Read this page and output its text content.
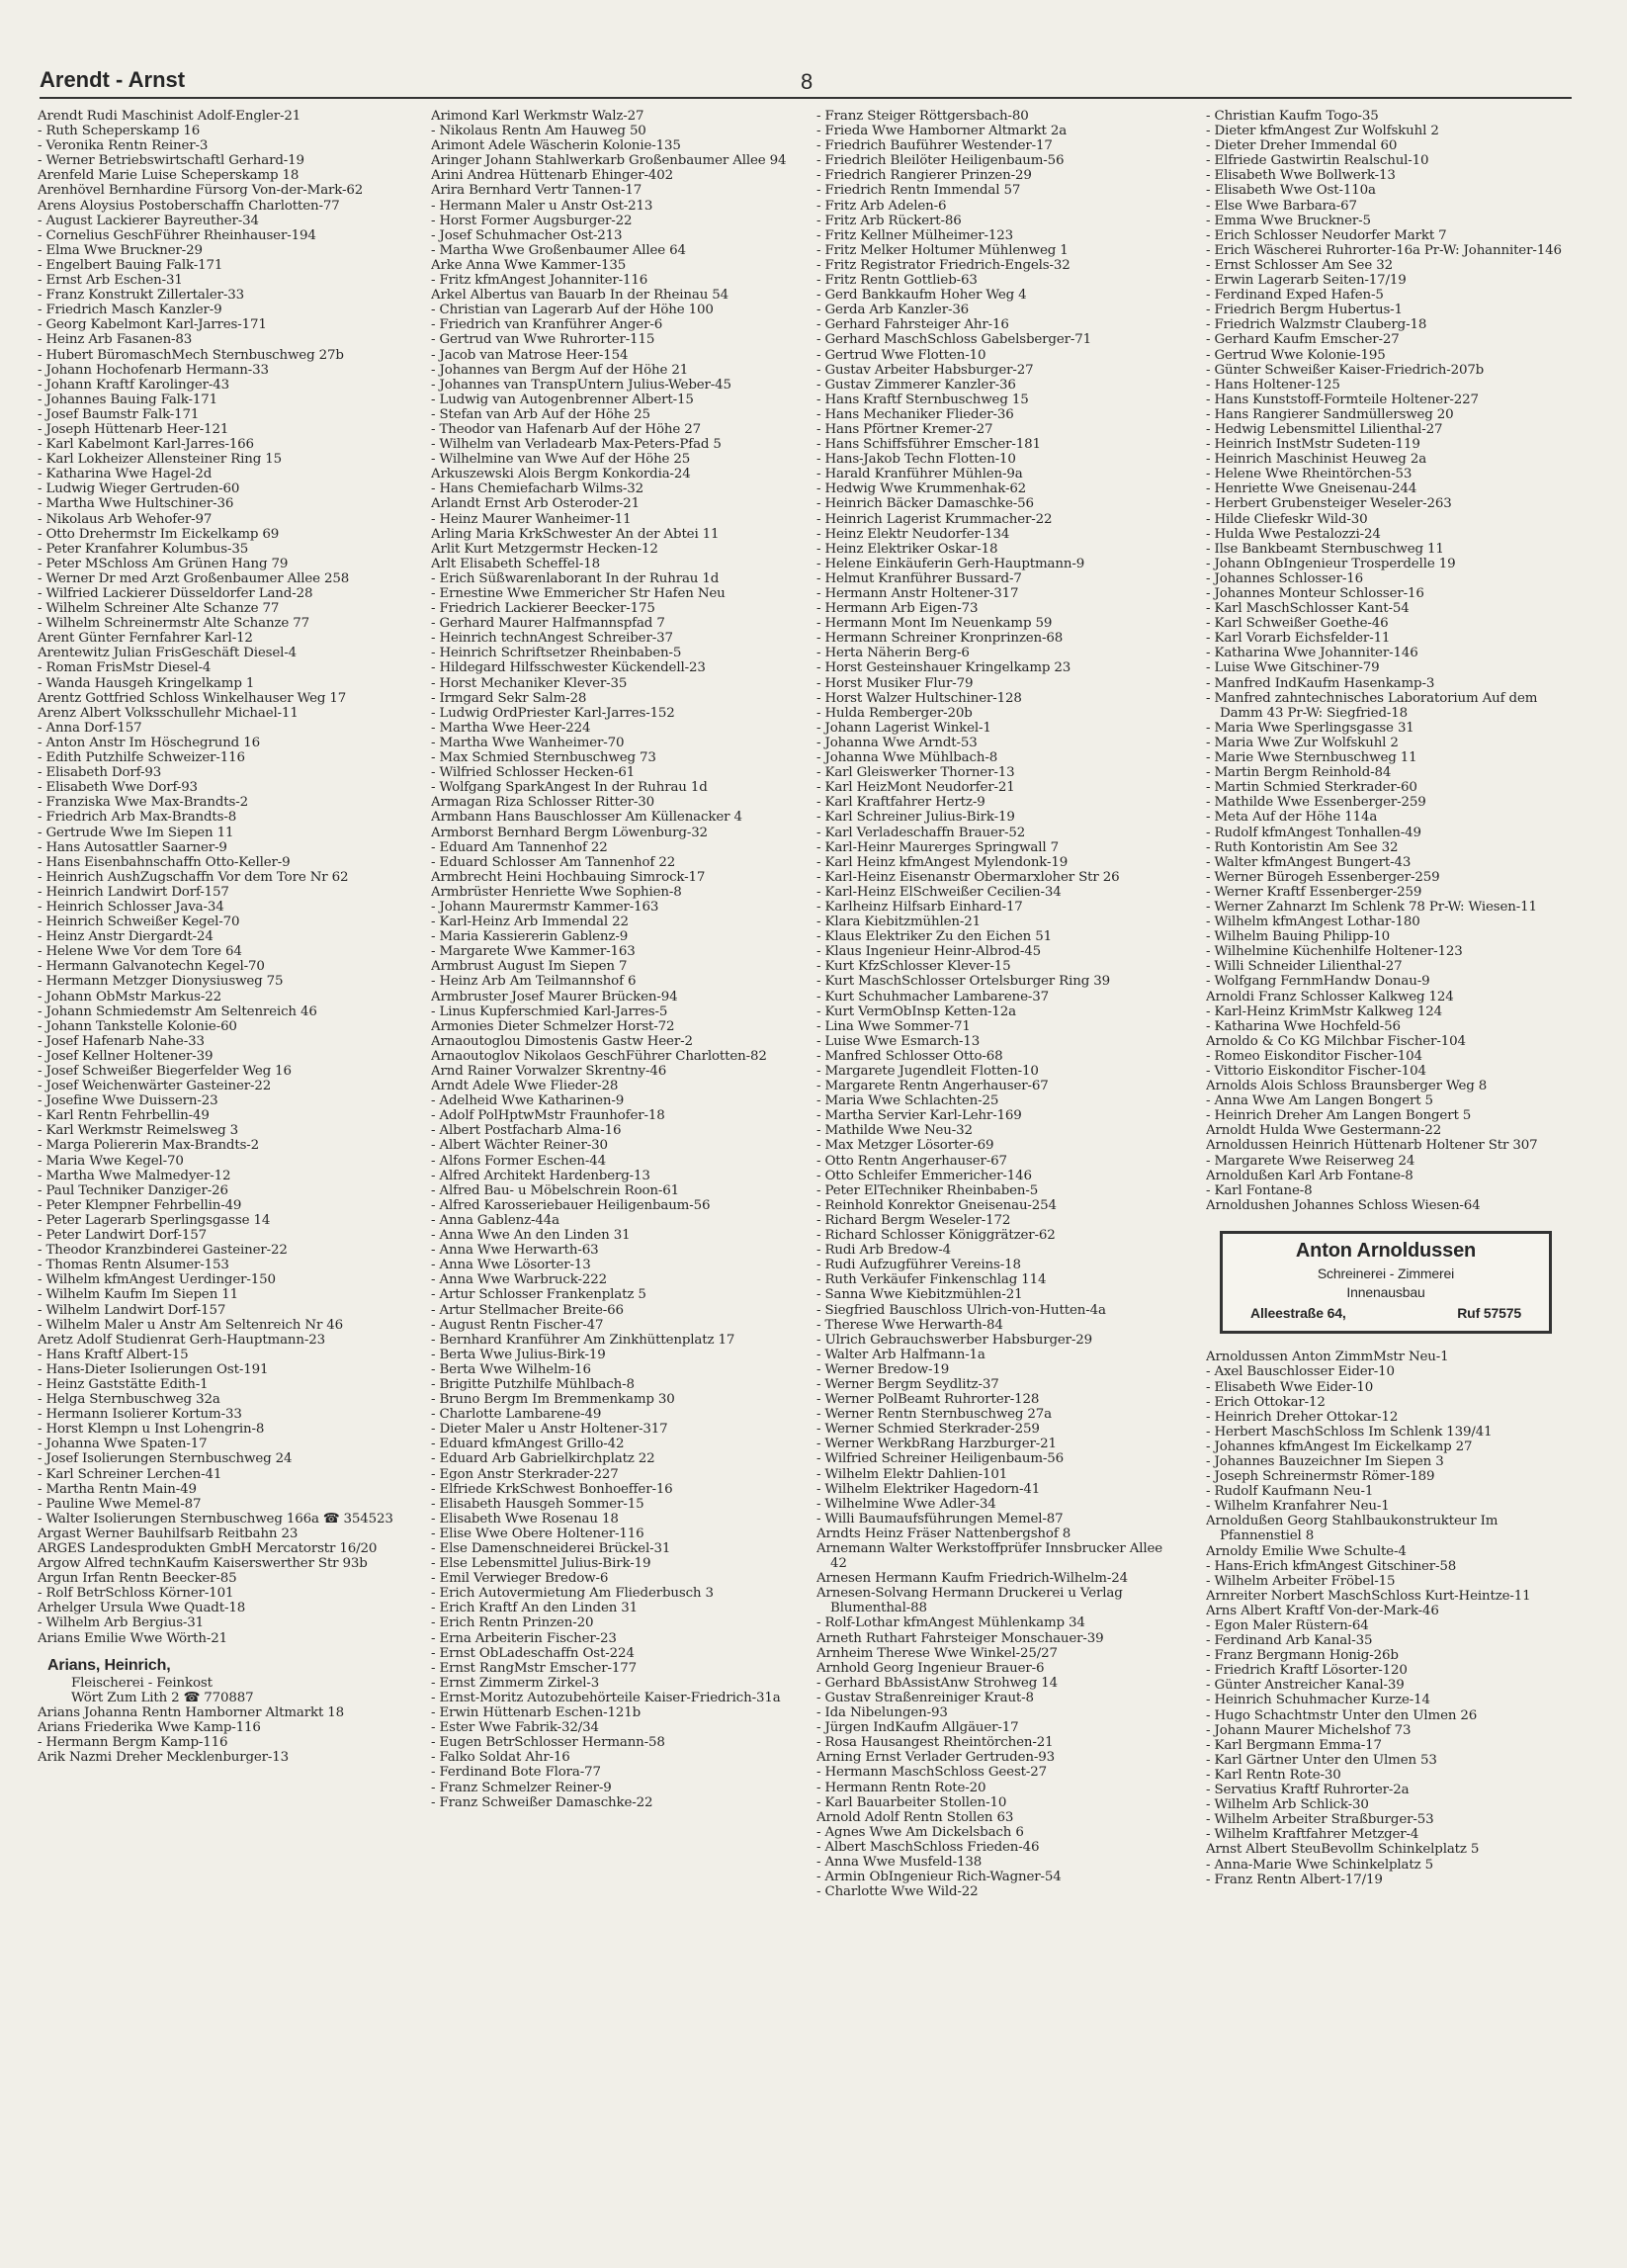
Arendt - Arnst	8

Arendt Rudi Maschinist Adolf-Engler-21

- Ruth Scheperskamp 16

- Veronika Rentn Reiner-3

- Werner Betriebswirtschaftl Gerhard-19

Arenfeld Marie Luise Scheperskamp 18

Arenhövel Bernhardine Fürsorg Von-der-Mark-62

Arens Aloysius Postoberschaffn Charlotten-77

- August Lackierer Bayreuther-34

- Cornelius GeschFührer Rheinhauser-194

- Elma Wwe Bruckner-29

- Engelbert Bauing Falk-171

- Ernst Arb Eschen-31

- Franz Konstrukt Zillertaler-33

- Friedrich Masch Kanzler-9

- Georg Kabelmont Karl-Jarres-171

- Heinz Arb Fasanen-83

- Hubert BüromaschMech Sternbuschweg 27b

- Johann Hochofenarb Hermann-33

- Johann Kraftf Karolinger-43

- Johannes Bauing Falk-171

- Josef Baumstr Falk-171

- Joseph Hüttenarb Heer-121

- Karl Kabelmont Karl-Jarres-166

- Karl Lokheizer Allensteiner Ring 15

- Katharina Wwe Hagel-2d

- Ludwig Wieger Gertruden-60

- Martha Wwe Hultschiner-36

- Nikolaus Arb Wehofer-97

- Otto Drehermstr Im Eickelkamp 69

- Peter Kranfahrer Kolumbus-35

- Peter MSchloss Am Grünen Hang 79

- Werner Dr med Arzt Großenbaumer Allee 258

- Wilfried Lackierer Düsseldorfer Land-28

- Wilhelm Schreiner Alte Schanze 77

- Wilhelm Schreinermstr Alte Schanze 77

Arent Günter Fernfahrer Karl-12

Arentewitz Julian FrisGeschäft Diesel-4

- Roman FrisMstr Diesel-4

- Wanda Hausgeh Kringelkamp 1

Arentz Gottfried Schloss Winkelhauser Weg 17

Arenz Albert Volksschullehr Michael-11

- Anna Dorf-157

- Anton Anstr Im Höschegrund 16

- Edith Putzhilfe Schweizer-116

- Elisabeth Dorf-93

- Elisabeth Wwe Dorf-93

- Franziska Wwe Max-Brandts-2

- Friedrich Arb Max-Brandts-8

- Gertrude Wwe Im Siepen 11

- Hans Autosattler Saarner-9

- Hans Eisenbahnschaffn Otto-Keller-9

- Heinrich AushZugschaffn Vor dem Tore Nr 62

- Heinrich Landwirt Dorf-157

- Heinrich Schlosser Java-34

- Heinrich Schweißer Kegel-70

- Heinz Anstr Diergardt-24

- Helene Wwe Vor dem Tore 64

- Hermann Galvanotechn Kegel-70

- Hermann Metzger Dionysiusweg 75

- Johann ObMstr Markus-22

- Johann Schmiedemstr Am Seltenreich 46

- Johann Tankstelle Kolonie-60

- Josef Hafenarb Nahe-33

- Josef Kellner Holtener-39

- Josef Schweißer Biegerfelder Weg 16

- Josef Weichenwärter Gasteiner-22

- Josefine Wwe Duissern-23

- Karl Rentn Fehrbellin-49

- Karl Werkmstr Reimelsweg 3

- Marga Poliererin Max-Brandts-2

- Maria Wwe Kegel-70

- Martha Wwe Malmedyer-12

- Paul Techniker Danziger-26

- Peter Klempner Fehrbellin-49

- Peter Lagerarb Sperlingsgasse 14

- Peter Landwirt Dorf-157

- Theodor Kranzbinderei Gasteiner-22

- Thomas Rentn Alsumer-153

- Wilhelm kfmAngest Uerdinger-150

- Wilhelm Kaufm Im Siepen 11

- Wilhelm Landwirt Dorf-157

- Wilhelm Maler u Anstr Am Seltenreich Nr 46

Aretz Adolf Studienrat Gerh-Hauptmann-23

- Hans Kraftf Albert-15

- Hans-Dieter Isolierungen Ost-191

- Heinz Gaststätte Edith-1

- Helga Sternbuschweg 32a

- Hermann Isolierer Kortum-33

- Horst Klempn u Inst Lohengrin-8

- Johanna Wwe Spaten-17

- Josef Isolierungen Sternbuschweg 24

- Karl Schreiner Lerchen-41

- Martha Rentn Main-49

- Pauline Wwe Memel-87

- Walter Isolierungen Sternbuschweg 166a ☎ 354523

Argast Werner Bauhilfsarb Reitbahn 23

ARGES Landesprodukten GmbH Mercatorstr 16/20

Argow Alfred technKaufm Kaiserswerther Str 93b

Argun Irfan Rentn Beecker-85

- Rolf BetrSchloss Körner-101

Arhelger Ursula Wwe Quadt-18

- Wilhelm Arb Bergius-31

Arians Emilie Wwe Wörth-21

Arians, Heinrich,

Fleischerei - Feinkost

Wört Zum Lith 2 ☎ 770887

Arians Johanna Rentn Hamborner Altmarkt 18

Arians Friederika Wwe Kamp-116

- Hermann Bergm Kamp-116

Arik Nazmi Dreher Mecklenburger-13

Arimond Karl Werkmstr Walz-27

- Nikolaus Rentn Am Hauweg 50

Arimont Adele Wäscherin Kolonie-135

Aringer Johann Stahlwerkarb Großenbaumer Allee 94

Arini Andrea Hüttenarb Ehinger-402

Arira Bernhard Vertr Tannen-17

- Hermann Maler u Anstr Ost-213

- Horst Former Augsburger-22

- Josef Schuhmacher Ost-213

- Martha Wwe Großenbaumer Allee 64

Arke Anna Wwe Kammer-135

- Fritz kfmAngest Johanniter-116

Arkel Albertus van Bauarb In der Rheinau 54

- Christian van Lagerarb Auf der Höhe 100

- Friedrich van Kranführer Anger-6

- Gertrud van Wwe Ruhrorter-115

- Jacob van Matrose Heer-154

- Johannes van Bergm Auf der Höhe 21

- Johannes van TranspUntern Julius-Weber-45

- Ludwig van Autogenbrenner Albert-15

- Stefan van Arb Auf der Höhe 25

- Theodor van Hafenarb Auf der Höhe 27

- Wilhelm van Verladearb Max-Peters-Pfad 5

- Wilhelmine van Wwe Auf der Höhe 25

Arkuszewski Alois Bergm Konkordia-24

- Hans Chemiefacharb Wilms-32

Arlandt Ernst Arb Osteroder-21

- Heinz Maurer Wanheimer-11

Arling Maria KrkSchwester An der Abtei 11

Arlit Kurt Metzgermstr Hecken-12

Arlt Elisabeth Scheffel-18

- Erich Süßwarenlaborant In der Ruhrau 1d

- Ernestine Wwe Emmericher Str Hafen Neu

- Friedrich Lackierer Beecker-175

- Gerhard Maurer Halfmannspfad 7

- Heinrich technAngest Schreiber-37

- Heinrich Schriftsetzer Rheinbaben-5

- Hildegard Hilfsschwester Kückendell-23

- Horst Mechaniker Klever-35

- Irmgard Sekr Salm-28

- Ludwig OrdPriester Karl-Jarres-152

- Martha Wwe Heer-224

- Martha Wwe Wanheimer-70

- Max Schmied Sternbuschweg 73

- Wilfried Schlosser Hecken-61

- Wolfgang SparkAngest In der Ruhrau 1d

Armagan Riza Schlosser Ritter-30

Armbann Hans Bauschlosser Am Küllenacker 4

Armborst Bernhard Bergm Löwenburg-32

- Eduard Am Tannenhof 22

- Eduard Schlosser Am Tannenhof 22

Armbrecht Heini Hochbauing Simrock-17

Armbrüster Henriette Wwe Sophien-8

- Johann Maurermstr Kammer-163

- Karl-Heinz Arb Immendal 22

- Maria Kassiererin Gablenz-9

- Margarete Wwe Kammer-163

Armbrust August Im Siepen 7

- Heinz Arb Am Teilmannshof 6

Armbruster Josef Maurer Brücken-94

- Linus Kupferschmied Karl-Jarres-5

Armonies Dieter Schmelzer Horst-72

Arnaoutoglou Dimostenis Gastw Heer-2

Arnaoutoglov Nikolaos GeschFührer Charlotten-82

Arnd Rainer Vorwalzer Skrentny-46

Arndt Adele Wwe Flieder-28

- Adelheid Wwe Katharinen-9

- Adolf PolHptwMstr Fraunhofer-18

- Albert Postfacharb Alma-16

- Albert Wächter Reiner-30

- Alfons Former Eschen-44

- Alfred Architekt Hardenberg-13

- Alfred Bau- u Möbelschrein Roon-61

- Alfred Karosseriebauer Heiligenbaum-56

- Anna Gablenz-44a

- Anna Wwe An den Linden 31

- Anna Wwe Herwarth-63

- Anna Wwe Lösorter-13

- Anna Wwe Warbruck-222

- Artur Schlosser Frankenplatz 5

- Artur Stellmacher Breite-66

- August Rentn Fischer-47

- Bernhard Kranführer Am Zinkhüttenplatz 17

- Berta Wwe Julius-Birk-19

- Berta Wwe Wilhelm-16

- Brigitte Putzhilfe Mühlbach-8

- Bruno Bergm Im Bremmenkamp 30

- Charlotte Lambarene-49

- Dieter Maler u Anstr Holtener-317

- Eduard kfmAngest Grillo-42

- Eduard Arb Gabrielkirchplatz 22

- Egon Anstr Sterkrader-227

- Elfriede KrkSchwest Bonhoeffer-16

- Elisabeth Hausgeh Sommer-15

- Elisabeth Wwe Rosenau 18

- Elise Wwe Obere Holtener-116

- Else Damenschneiderei Brückel-31

- Else Lebensmittel Julius-Birk-19

- Emil Verwieger Bredow-6

- Erich Autovermietung Am Fliederbusch 3

- Erich Kraftf An den Linden 31

- Erich Rentn Prinzen-20

- Erna Arbeiterin Fischer-23

- Ernst ObLadeschaffn Ost-224

- Ernst RangMstr Emscher-177

- Ernst Zimmerm Zirkel-3

- Ernst-Moritz Autozubehörteile Kaiser-Friedrich-31a

- Erwin Hüttenarb Eschen-121b

- Ester Wwe Fabrik-32/34

- Eugen BetrSchlosser Hermann-58

- Falko Soldat Ahr-16

- Ferdinand Bote Flora-77

- Franz Schmelzer Reiner-9

- Franz Schweißer Damaschke-22

- Franz Steiger Röttgersbach-80

- Frieda Wwe Hamborner Altmarkt 2a

- Friedrich Bauführer Westender-17

- Friedrich Bleilöter Heiligenbaum-56

- Friedrich Rangierer Prinzen-29

- Friedrich Rentn Immendal 57

- Fritz Arb Adelen-6

- Fritz Arb Rückert-86

- Fritz Kellner Mülheimer-123

- Fritz Melker Holtumer Mühlenweg 1

- Fritz Registrator Friedrich-Engels-32

- Fritz Rentn Gottlieb-63

- Gerd Bankkaufm Hoher Weg 4

- Gerda Arb Kanzler-36

- Gerhard Fahrsteiger Ahr-16

- Gerhard MaschSchloss Gabelsberger-71

- Gertrud Wwe Flotten-10

- Gustav Arbeiter Habsburger-27

- Gustav Zimmerer Kanzler-36

- Hans Kraftf Sternbuschweg 15

- Hans Mechaniker Flieder-36

- Hans Pförtner Kremer-27

- Hans Schiffsführer Emscher-181

- Hans-Jakob Techn Flotten-10

- Harald Kranführer Mühlen-9a

- Hedwig Wwe Krummenhak-62

- Heinrich Bäcker Damaschke-56

- Heinrich Lagerist Krummacher-22

- Heinz Elektr Neudorfer-134

- Heinz Elektriker Oskar-18

- Helene Einkäuferin Gerh-Hauptmann-9

- Helmut Kranführer Bussard-7

- Hermann Anstr Holtener-317

- Hermann Arb Eigen-73

- Hermann Mont Im Neuenkamp 59

- Hermann Schreiner Kronprinzen-68

- Herta Näherin Berg-6

- Horst Gesteinshauer Kringelkamp 23

- Horst Musiker Flur-79

- Horst Walzer Hultschiner-128

- Hulda Remberger-20b

- Johann Lagerist Winkel-1

- Johanna Wwe Arndt-53

- Johanna Wwe Mühlbach-8

- Karl Gleiswerker Thorner-13

- Karl HeizMont Neudorfer-21

- Karl Kraftfahrer Hertz-9

- Karl Schreiner Julius-Birk-19

- Karl Verladeschaffn Brauer-52

- Karl-Heinr Maurerges Springwall 7

- Karl Heinz kfmAngest Mylendonk-19

- Karl-Heinz Eisenanstr Obermarxloher Str 26

- Karl-Heinz ElSchweißer Cecilien-34

- Karlheinz Hilfsarb Einhard-17

- Klara Kiebitzmühlen-21

- Klaus Elektriker Zu den Eichen 51

- Klaus Ingenieur Heinr-Albrod-45

- Kurt KfzSchlosser Klever-15

- Kurt MaschSchlosser Ortelsburger Ring 39

- Kurt Schuhmacher Lambarene-37

- Kurt VermObInsp Ketten-12a

- Lina Wwe Sommer-71

- Luise Wwe Esmarch-13

- Manfred Schlosser Otto-68

- Margarete Jugendleit Flotten-10

- Margarete Rentn Angerhauser-67

- Maria Wwe Schlachten-25

- Martha Servier Karl-Lehr-169

- Mathilde Wwe Neu-32

- Max Metzger Lösorter-69

- Otto Rentn Angerhauser-67

- Otto Schleifer Emmericher-146

- Peter ElTechniker Rheinbaben-5

- Reinhold Konrektor Gneisenau-254

- Richard Bergm Weseler-172

- Richard Schlosser Königgrätzer-62

- Rudi Arb Bredow-4

- Rudi Aufzugführer Vereins-18

- Ruth Verkäufer Finkenschlag 114

- Sanna Wwe Kiebitzmühlen-21

- Siegfried Bauschloss Ulrich-von-Hutten-4a

- Therese Wwe Herwarth-84

- Ulrich Gebrauchswerber Habsburger-29

- Walter Arb Halfmann-1a

- Werner Bredow-19

- Werner Bergm Seydlitz-37

- Werner PolBeamt Ruhrorter-128

- Werner Rentn Sternbuschweg 27a

- Werner Schmied Sterkrader-259

- Werner WerkbRang Harzburger-21

- Wilfried Schreiner Heiligenbaum-56

- Wilhelm Elektr Dahlien-101

- Wilhelm Elektriker Hagedorn-41

- Wilhelmine Wwe Adler-34

- Willi Baumaufsführungen Memel-87

Arndts Heinz Fräser Nattenbergshof 8

Arnemann Walter Werkstoffprüfer Innsbrucker Allee 42

Arnesen Hermann Kaufm Friedrich-Wilhelm-24

Arnesen-Solvang Hermann Druckerei u Verlag Blumenthal-88

- Rolf-Lothar kfmAngest Mühlenkamp 34

Arneth Ruthart Fahrsteiger Monschauer-39

Arnheim Therese Wwe Winkel-25/27

Arnhold Georg Ingenieur Brauer-6

- Gerhard BbAssistAnw Strohweg 14

- Gustav Straßenreiniger Kraut-8

- Ida Nibelungen-93

- Jürgen IndKaufm Allgäuer-17

- Rosa Hausangest Rheintörchen-21

Arning Ernst Verlader Gertruden-93

- Hermann MaschSchloss Geest-27

- Hermann Rentn Rote-20

- Karl Bauarbeiter Stollen-10

Arnold Adolf Rentn Stollen 63

- Agnes Wwe Am Dickelsbach 6

- Albert MaschSchloss Frieden-46

- Anna Wwe Musfeld-138

- Armin ObIngenieur Rich-Wagner-54

- Charlotte Wwe Wild-22

- Christian Kaufm Togo-35

- Dieter kfmAngest Zur Wolfskuhl 2

- Dieter Dreher Immendal 60

- Elfriede Gastwirtin Realschul-10

- Elisabeth Wwe Bollwerk-13

- Elisabeth Wwe Ost-110a

- Else Wwe Barbara-67

- Emma Wwe Bruckner-5

- Erich Schlosser Neudorfer Markt 7

- Erich Wäscherei Ruhrorter-16a Pr-W: Johanniter-146

- Ernst Schlosser Am See 32

- Erwin Lagerarb Seiten-17/19

- Ferdinand Exped Hafen-5

- Friedrich Bergm Hubertus-1

- Friedrich Walzmstr Clauberg-18

- Gerhard Kaufm Emscher-27

- Gertrud Wwe Kolonie-195

- Günter Schweißer Kaiser-Friedrich-207b

- Hans Holtener-125

- Hans Kunststoff-Formteile Holtener-227

- Hans Rangierer Sandmüllersweg 20

- Hedwig Lebensmittel Lilienthal-27

- Heinrich InstMstr Sudeten-119

- Heinrich Maschinist Heuweg 2a

- Helene Wwe Rheintörchen-53

- Henriette Wwe Gneisenau-244

- Herbert Grubensteiger Weseler-263

- Hilde Cliefeskr Wild-30

- Hulda Wwe Pestalozzi-24

- Ilse Bankbeamt Sternbuschweg 11

- Johann ObIngenieur Trosperdelle 19

- Johannes Schlosser-16

- Johannes Monteur Schlosser-16

- Karl MaschSchlosser Kant-54

- Karl Schweißer Goethe-46

- Karl Vorarb Eichsfelder-11

- Katharina Wwe Johanniter-146

- Luise Wwe Gitschiner-79

- Manfred IndKaufm Hasenkamp-3

- Manfred zahntechnisches Laboratorium Auf dem Damm 43 Pr-W: Siegfried-18

- Maria Wwe Sperlingsgasse 31

- Maria Wwe Zur Wolfskuhl 2

- Marie Wwe Sternbuschweg 11

- Martin Bergm Reinhold-84

- Martin Schmied Sterkrader-60

- Mathilde Wwe Essenberger-259

- Meta Auf der Höhe 114a

- Rudolf kfmAngest Tonhallen-49

- Ruth Kontoristin Am See 32

- Walter kfmAngest Bungert-43

- Werner Bürogeh Essenberger-259

- Werner Kraftf Essenberger-259

- Werner Zahnarzt Im Schlenk 78 Pr-W: Wiesen-11

- Wilhelm kfmAngest Lothar-180

- Wilhelm Bauing Philipp-10

- Wilhelmine Küchenhilfe Holtener-123

- Willi Schneider Lilienthal-27

- Wolfgang FernmHandw Donau-9

Arnoldi Franz Schlosser Kalkweg 124

- Karl-Heinz KrimMstr Kalkweg 124

- Katharina Wwe Hochfeld-56

Arnoldo & Co KG Milchbar Fischer-104

- Romeo Eiskonditor Fischer-104

- Vittorio Eiskonditor Fischer-104

Arnolds Alois Schloss Braunsberger Weg 8

- Anna Wwe Am Langen Bongert 5

- Heinrich Dreher Am Langen Bongert 5

Arnoldt Hulda Wwe Gestermann-22

Arnoldussen Heinrich Hüttenarb Holtener Str 307

- Margarete Wwe Reiserweg 24

Arnoldußen Karl Arb Fontane-8

- Karl Fontane-8

Arnoldushen Johannes Schloss Wiesen-64

Anton Arnoldussen

Schreinerei - Zimmerei

Innenausbau

Alleestraße 64,	Ruf 57575

Arnoldussen Anton ZimmMstr Neu-1

- Axel Bauschlosser Eider-10

- Elisabeth Wwe Eider-10

- Erich Ottokar-12

- Heinrich Dreher Ottokar-12

- Herbert MaschSchloss Im Schlenk 139/41

- Johannes kfmAngest Im Eickelkamp 27

- Johannes Bauzeichner Im Siepen 3

- Joseph Schreinermstr Römer-189

- Rudolf Kaufmann Neu-1

- Wilhelm Kranfahrer Neu-1

Arnoldußen Georg Stahlbaukonstrukteur Im Pfannenstiel 8

Arnoldy Emilie Wwe Schulte-4

- Hans-Erich kfmAngest Gitschiner-58

- Wilhelm Arbeiter Fröbel-15

Arnreiter Norbert MaschSchloss Kurt-Heintze-11

Arns Albert Kraftf Von-der-Mark-46

- Egon Maler Rüstern-64

- Ferdinand Arb Kanal-35

- Franz Bergmann Honig-26b

- Friedrich Kraftf Lösorter-120

- Günter Anstreicher Kanal-39

- Heinrich Schuhmacher Kurze-14

- Hugo Schachtmstr Unter den Ulmen 26

- Johann Maurer Michelshof 73

- Karl Bergmann Emma-17

- Karl Gärtner Unter den Ulmen 53

- Karl Rentn Rote-30

- Servatius Kraftf Ruhrorter-2a

- Wilhelm Arb Schlick-30

- Wilhelm Arbeiter Straßburger-53

- Wilhelm Kraftfahrer Metzger-4

Arnst Albert SteuBevollm Schinkelplatz 5

- Anna-Marie Wwe Schinkelplatz 5

- Franz Rentn Albert-17/19
